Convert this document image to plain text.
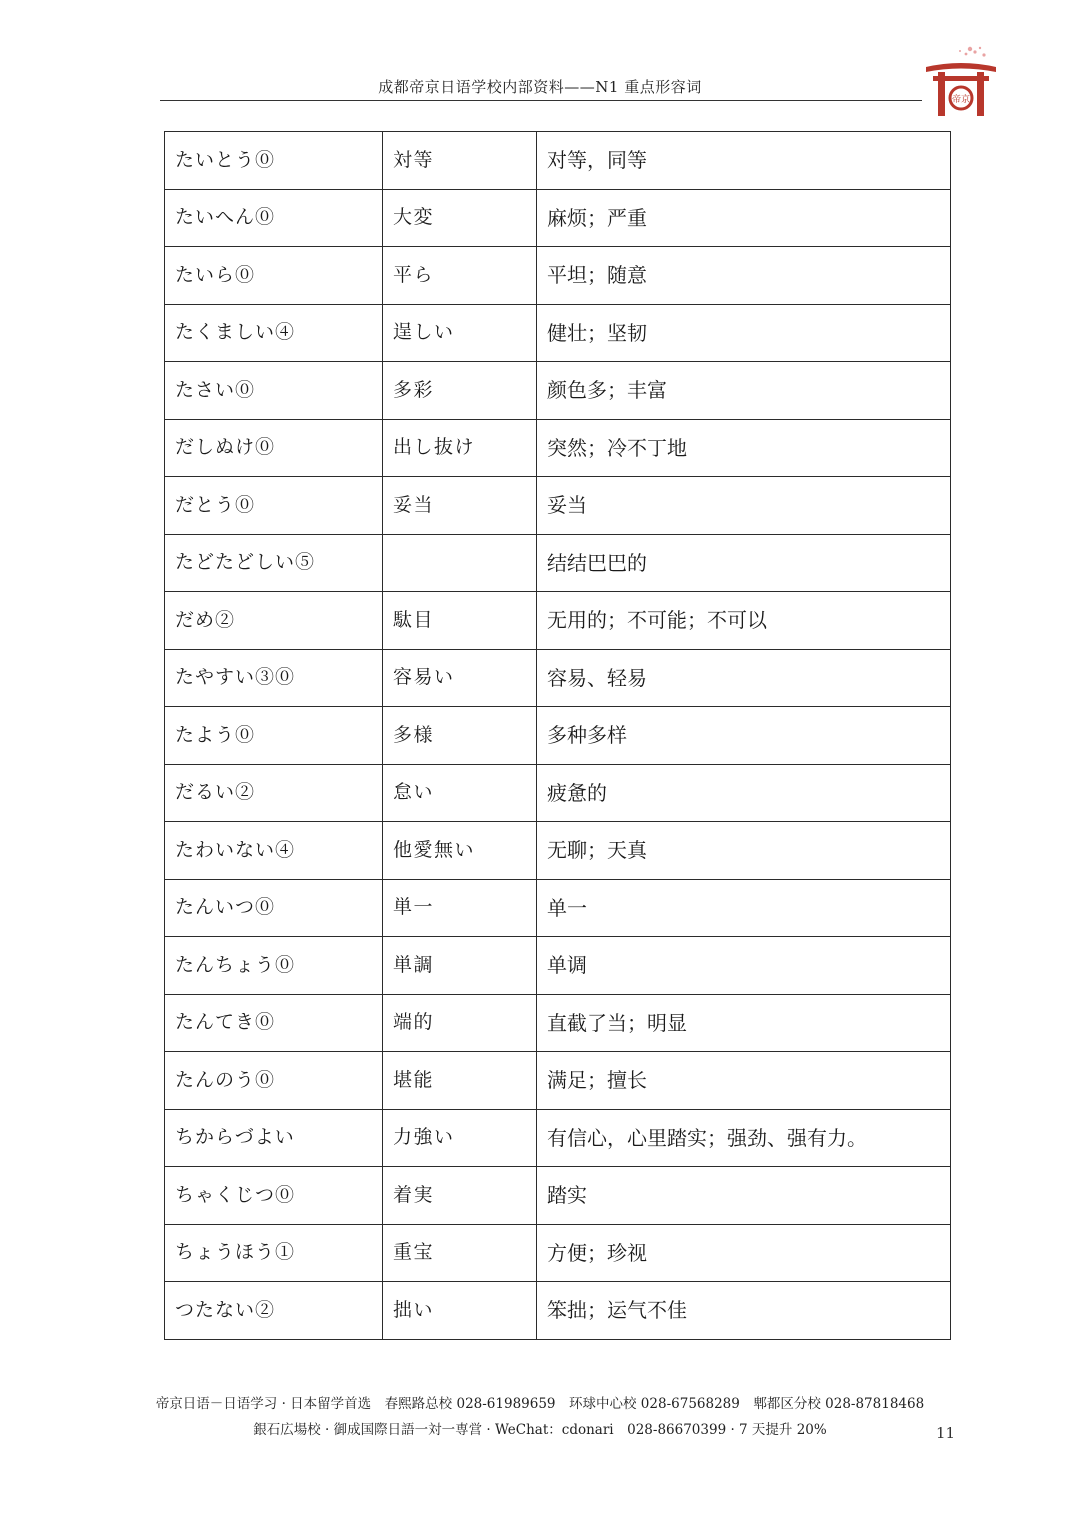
成都帝京日语学校内部资料——N1 重点形容词
帝京
たいとう⓪	対等	对等，同等
たいへん⓪	大変	麻烦；严重
たいら⓪	平ら	平坦；随意
たくましい④	逞しい	健壮；坚韧
たさい⓪	多彩	颜色多；丰富
だしぬけ⓪	出し抜け	突然；冷不丁地
だとう⓪	妥当	妥当
たどたどしい⑤		结结巴巴的
だめ②	駄目	无用的；不可能；不可以
たやすい③⓪	容易い	容易、轻易
たよう⓪	多様	多种多样
だるい②	怠い	疲惫的
たわいない④	他愛無い	无聊；天真
たんいつ⓪	単一	单一
たんちょう⓪	単調	单调
たんてき⓪	端的	直截了当；明显
たんのう⓪	堪能	满足；擅长
ちからづよい	力強い	有信心，心里踏实；强劲、强有力。
ちゃくじつ⓪	着実	踏实
ちょうほう①	重宝	方便；珍视
つたない②	拙い	笨拙；运气不佳
帝京日语－日语学习 · 日本留学首选　春熙路总校 028-61989659　环球中心校 028-67568289　郫都区分校 028-87818468
銀石広場校 · 御成国際日語一対一専営 · WeChat：cdonari　028-86670399 · 7 天提升 20%	11
